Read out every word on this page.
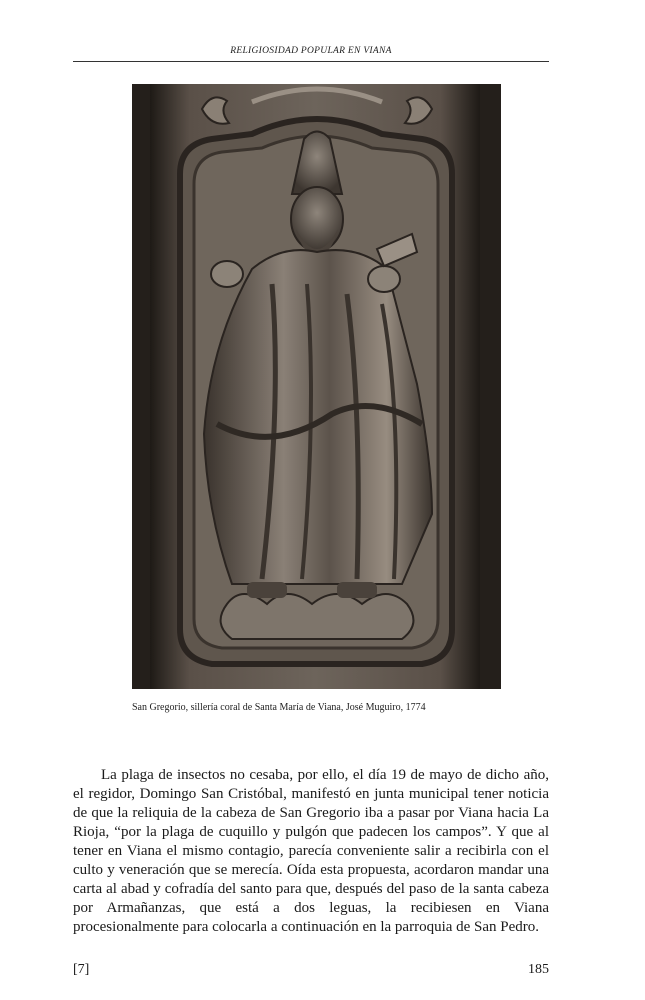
RELIGIOSIDAD POPULAR EN VIANA
San Gregorio, sillería coral de Santa María de Viana, José Muguiro, 1774

La plaga de insectos no cesaba, por ello, el día 19 de mayo de dicho año, el regidor, Domingo San Cristóbal, manifestó en junta municipal tener noticia de que la reliquia de la cabeza de San Gregorio iba a pasar por Viana hacia La Rioja, “por la plaga de cuquillo y pulgón que padecen los campos”. Y que al tener en Viana el mismo contagio, parecía conveniente salir a recibirla con el culto y veneración que se merecía. Oída esta propuesta, acordaron mandar una carta al abad y cofradía del santo para que, después del paso de la santa cabeza por Armañanzas, que está a dos leguas, la recibiesen en Viana procesionalmente para colocarla a continuación en la parroquia de San Pedro.

[7]	185
